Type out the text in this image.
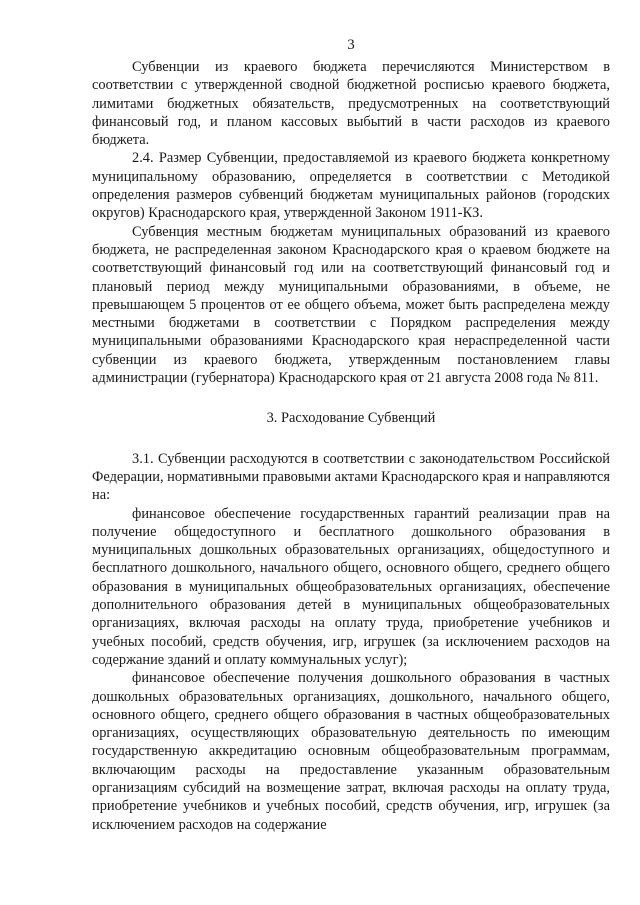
3

Субвенции из краевого бюджета перечисляются Министерством в соответствии с утвержденной сводной бюджетной росписью краевого бюджета, лимитами бюджетных обязательств, предусмотренных на соответствующий финансовый год, и планом кассовых выбытий в части расходов из краевого бюджета.

2.4. Размер Субвенции, предоставляемой из краевого бюджета конкретному муниципальному образованию, определяется в соответствии с Методикой определения размеров субвенций бюджетам муниципальных районов (городских округов) Краснодарского края, утвержденной Законом 1911-КЗ.

Субвенция местным бюджетам муниципальных образований из краевого бюджета, не распределенная законом Краснодарского края о краевом бюджете на соответствующий финансовый год или на соответствующий финансовый год и плановый период между муниципальными образованиями, в объеме, не превышающем 5 процентов от ее общего объема, может быть распределена между местными бюджетами в соответствии с Порядком распределения между муниципальными образованиями Краснодарского края нераспределенной части субвенции из краевого бюджета, утвержденным постановлением главы администрации (губернатора) Краснодарского края от 21 августа 2008 года № 811.

3. Расходование Субвенций

3.1. Субвенции расходуются в соответствии с законодательством Российской Федерации, нормативными правовыми актами Краснодарского края и направляются на:

финансовое обеспечение государственных гарантий реализации прав на получение общедоступного и бесплатного дошкольного образования в муниципальных дошкольных образовательных организациях, общедоступного и бесплатного дошкольного, начального общего, основного общего, среднего общего образования в муниципальных общеобразовательных организациях, обеспечение дополнительного образования детей в муниципальных общеобразовательных организациях, включая расходы на оплату труда, приобретение учебников и учебных пособий, средств обучения, игр, игрушек (за исключением расходов на содержание зданий и оплату коммунальных услуг);

финансовое обеспечение получения дошкольного образования в частных дошкольных образовательных организациях, дошкольного, начального общего, основного общего, среднего общего образования в частных общеобразовательных организациях, осуществляющих образовательную деятельность по имеющим государственную аккредитацию основным общеобразовательным программам, включающим расходы на предоставление указанным образовательным организациям субсидий на возмещение затрат, включая расходы на оплату труда, приобретение учебников и учебных пособий, средств обучения, игр, игрушек (за исключением расходов на содержание
